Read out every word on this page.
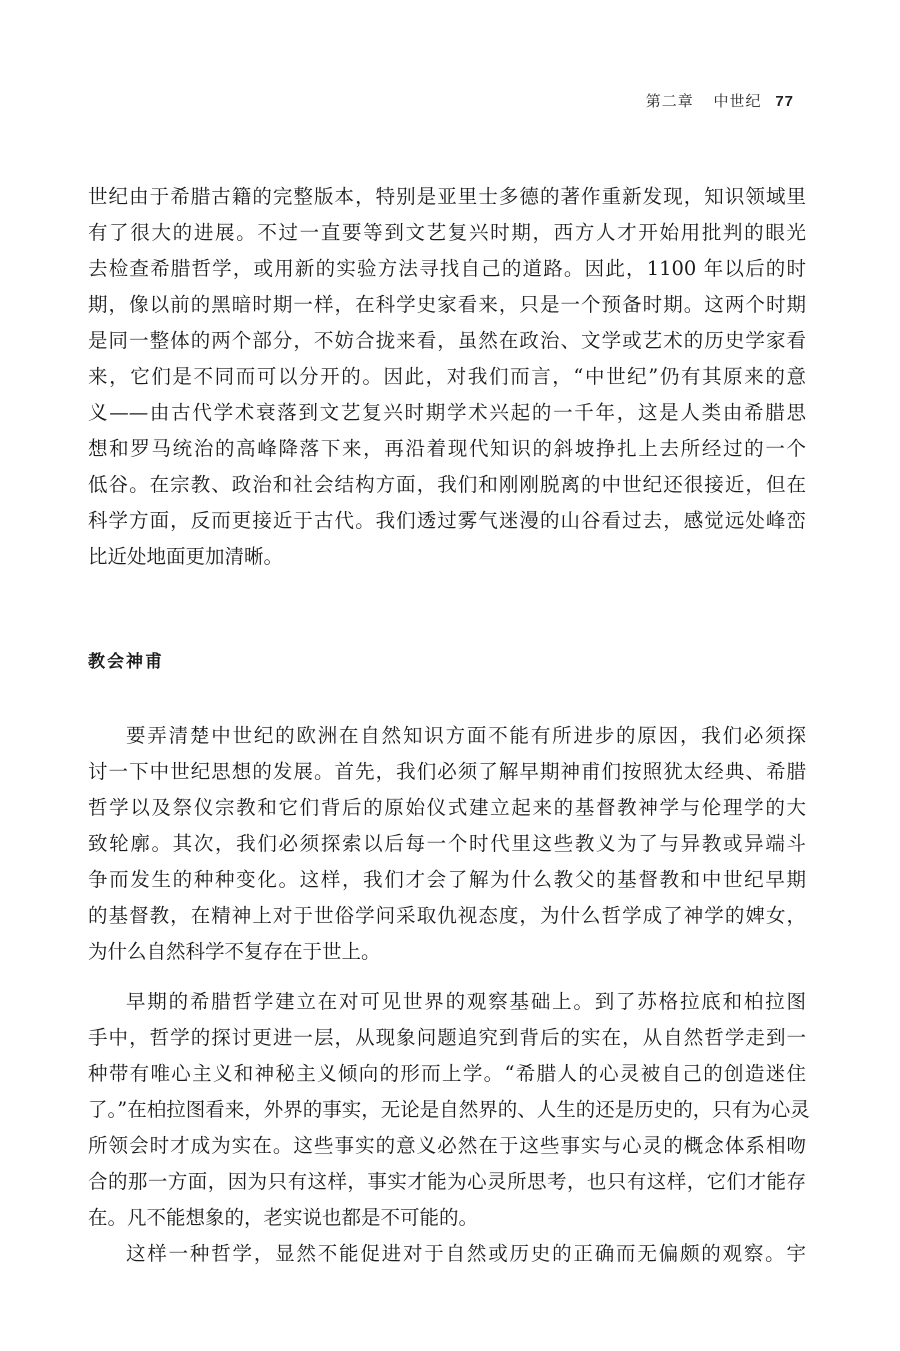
第二章 中世纪 77
世纪由于希腊古籍的完整版本，特别是亚里士多德的著作重新发现，知识领域里
有了很大的进展。不过一直要等到文艺复兴时期，西方人才开始用批判的眼光
去检查希腊哲学，或用新的实验方法寻找自己的道路。因此，1100 年以后的时
期，像以前的黑暗时期一样，在科学史家看来，只是一个预备时期。这两个时期
是同一整体的两个部分，不妨合拢来看，虽然在政治、文学或艺术的历史学家看
来，它们是不同而可以分开的。因此，对我们而言，“中世纪”仍有其原来的意
义——由古代学术衰落到文艺复兴时期学术兴起的一千年，这是人类由希腊思
想和罗马统治的高峰降落下来，再沿着现代知识的斜坡挣扎上去所经过的一个
低谷。在宗教、政治和社会结构方面，我们和刚刚脱离的中世纪还很接近，但在
科学方面，反而更接近于古代。我们透过雾气迷漫的山谷看过去，感觉远处峰峦
比近处地面更加清晰。
教会神甫
要弄清楚中世纪的欧洲在自然知识方面不能有所进步的原因，我们必须探
讨一下中世纪思想的发展。首先，我们必须了解早期神甫们按照犹太经典、希腊
哲学以及祭仪宗教和它们背后的原始仪式建立起来的基督教神学与伦理学的大
致轮廓。其次，我们必须探索以后每一个时代里这些教义为了与异教或异端斗
争而发生的种种变化。这样，我们才会了解为什么教父的基督教和中世纪早期
的基督教，在精神上对于世俗学问采取仇视态度，为什么哲学成了神学的婢女，
为什么自然科学不复存在于世上。
早期的希腊哲学建立在对可见世界的观察基础上。到了苏格拉底和柏拉图
手中，哲学的探讨更进一层，从现象问题追究到背后的实在，从自然哲学走到一
种带有唯心主义和神秘主义倾向的形而上学。“希腊人的心灵被自己的创造迷住
了。”在柏拉图看来，外界的事实，无论是自然界的、人生的还是历史的，只有为心灵
所领会时才成为实在。这些事实的意义必然在于这些事实与心灵的概念体系相吻
合的那一方面，因为只有这样，事实才能为心灵所思考，也只有这样，它们才能存
在。凡不能想象的，老实说也都是不可能的。
这样一种哲学，显然不能促进对于自然或历史的正确而无偏颇的观察。宇
